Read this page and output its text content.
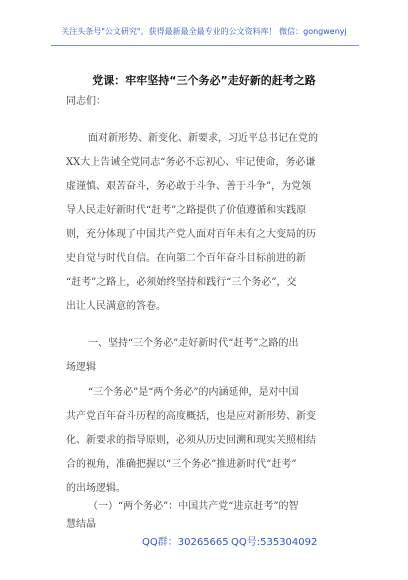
关注头条号"公文研究"，获得最新最全最专业的公文资料库！ 微信：gongwenyj
党课：牢牢坚持“三个务必”走好新的赶考之路
同志们：
面对新形势、新变化、新要求，习近平总书记在党的
XX大上告诫全党同志“务必不忘初心、牢记使命，务必谦
虚谨慎、艰苦奋斗，务必敢于斗争、善于斗争”，为党领
导人民走好新时代“赶考”之路提供了价值遵循和实践原
则，充分体现了中国共产党人面对百年未有之大变局的历
史自觉与时代自信。在向第二个百年奋斗目标前进的新
“赶考”之路上，必须始终坚持和践行“三个务必”，交
出让人民满意的答卷。
一、坚持“三个务必”走好新时代“赶考”之路的出
场逻辑
“三个务必”是“两个务必”的内涵延伸，是对中国
共产党百年奋斗历程的高度概括，也是应对新形势、新变
化、新要求的指导原则，必须从历史回溯和现实关照相结
合的视角，准确把握以“三个务必”推进新时代“赶考”
的出场逻辑。
（一）“两个务必”：中国共产党“进京赶考”的智
慧结晶
QQ群：30265665 QQ号:535304092
